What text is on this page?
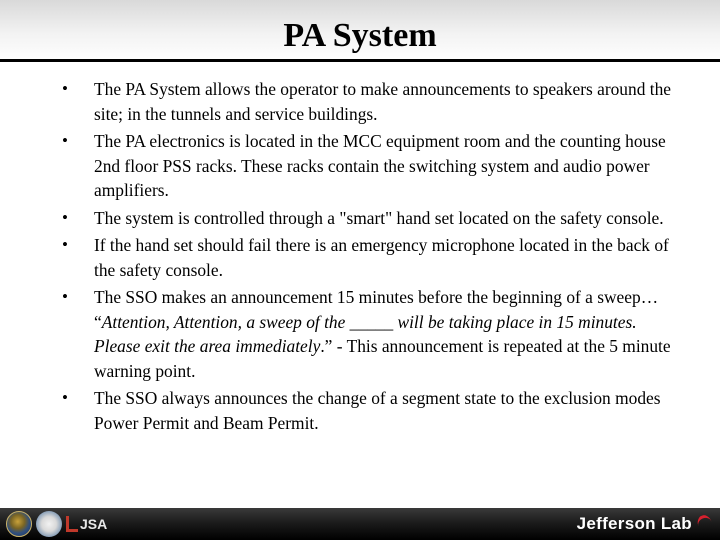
PA System
•	The PA System allows the operator to make announcements to speakers around the site; in the tunnels and service buildings.
•	The PA electronics is located in the MCC equipment room and the counting house 2nd floor PSS racks. These racks contain the switching system and audio power amplifiers.
•	The system is controlled through a "smart" hand set located on the safety console.
•	If the hand set should fail there is an emergency microphone located in the back of the safety console.
•	The SSO makes an announcement 15 minutes before the beginning of a sweep… “Attention, Attention, a sweep of the _____ will be taking place in 15 minutes. Please exit the area immediately.” - This announcement is repeated at the 5 minute warning point.
•	The SSO always announces the change of a segment state to the exclusion modes Power Permit and Beam Permit.
JSA	Jefferson Lab
